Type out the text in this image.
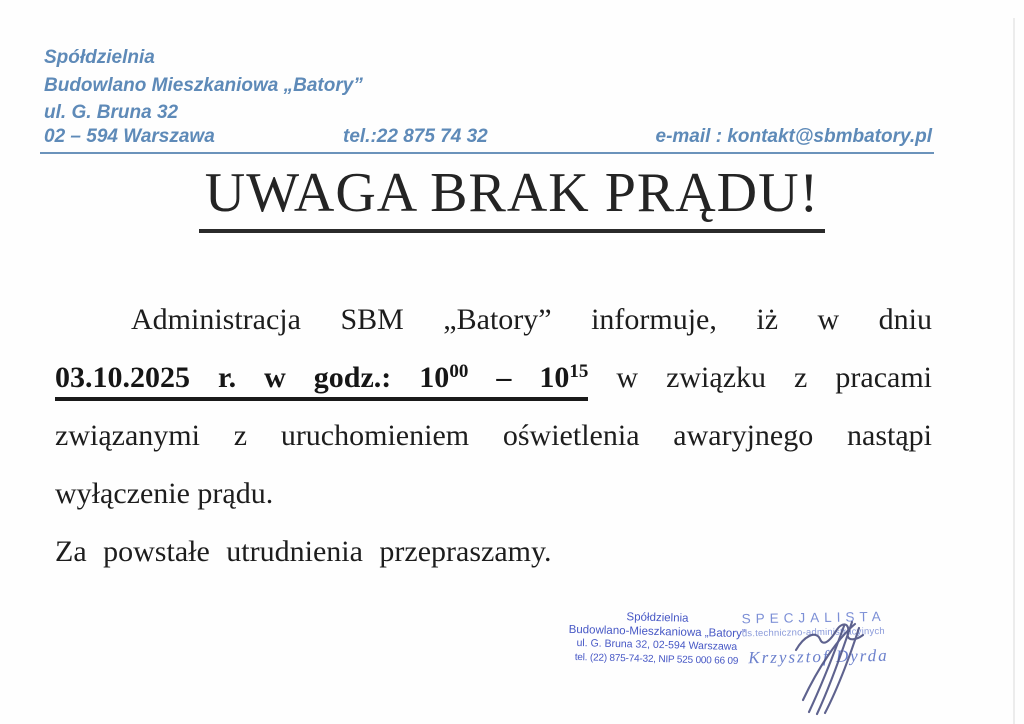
Spółdzielnia
Budowlano Mieszkaniowa „Batory”
ul. G. Bruna 32
02 – 594 Warszawa	tel.:22 875 74 32	e-mail : kontakt@sbmbatory.pl
UWAGA BRAK PRĄDU!
Administracja SBM „Batory” informuje, iż w dniu
03.10.2025 r. w godz.: $10^{00} - 10^{15}$ w związku z pracami
związanymi z uruchomieniem oświetlenia awaryjnego nastąpi
wyłączenie prądu.
Za powstałe utrudnienia przepraszamy.
Spółdzielnia
Budowlano-Mieszkaniowa „Batory”
ul. G. Bruna 32, 02-594 Warszawa
tel. (22) 875-74-32, NIP 525 000 66 09
SPECJALISTA
ds.techniczno-administracyjnych
Krzysztof Dyrda
